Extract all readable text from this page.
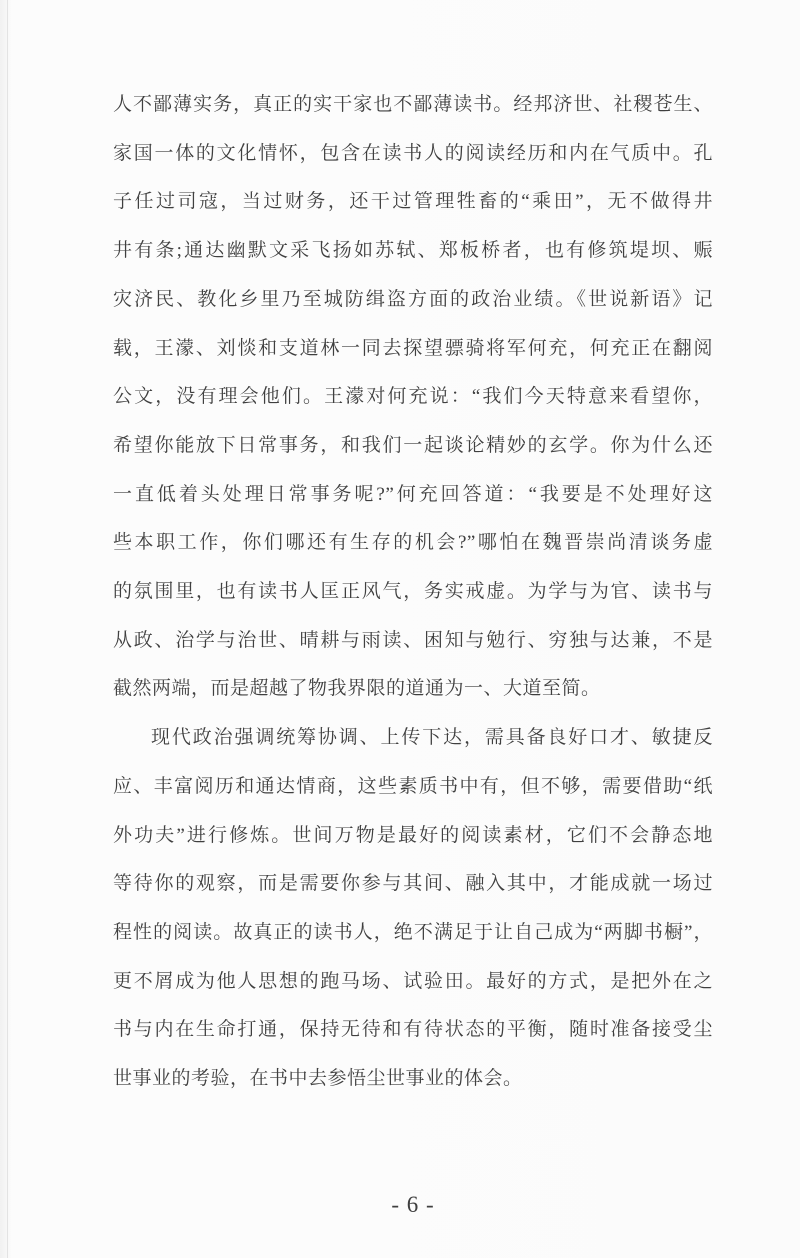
人不鄙薄实务，真正的实干家也不鄙薄读书。经邦济世、社稷苍生、
家国一体的文化情怀，包含在读书人的阅读经历和内在气质中。孔
子任过司寇，当过财务，还干过管理牲畜的“乘田”，无不做得井
井有条;通达幽默文采飞扬如苏轼、郑板桥者，也有修筑堤坝、赈
灾济民、教化乡里乃至城防缉盗方面的政治业绩。《世说新语》记
载，王濛、刘惔和支道林一同去探望骠骑将军何充，何充正在翻阅
公文，没有理会他们。王濛对何充说：“我们今天特意来看望你，
希望你能放下日常事务，和我们一起谈论精妙的玄学。你为什么还
一直低着头处理日常事务呢?”何充回答道：“我要是不处理好这
些本职工作，你们哪还有生存的机会?”哪怕在魏晋崇尚清谈务虚
的氛围里，也有读书人匡正风气，务实戒虚。为学与为官、读书与
从政、治学与治世、晴耕与雨读、困知与勉行、穷独与达兼，不是
截然两端，而是超越了物我界限的道通为一、大道至简。
现代政治强调统筹协调、上传下达，需具备良好口才、敏捷反
应、丰富阅历和通达情商，这些素质书中有，但不够，需要借助“纸
外功夫”进行修炼。世间万物是最好的阅读素材，它们不会静态地
等待你的观察，而是需要你参与其间、融入其中，才能成就一场过
程性的阅读。故真正的读书人，绝不满足于让自己成为“两脚书橱”，
更不屑成为他人思想的跑马场、试验田。最好的方式，是把外在之
书与内在生命打通，保持无待和有待状态的平衡，随时准备接受尘
世事业的考验，在书中去参悟尘世事业的体会。
- 6 -
